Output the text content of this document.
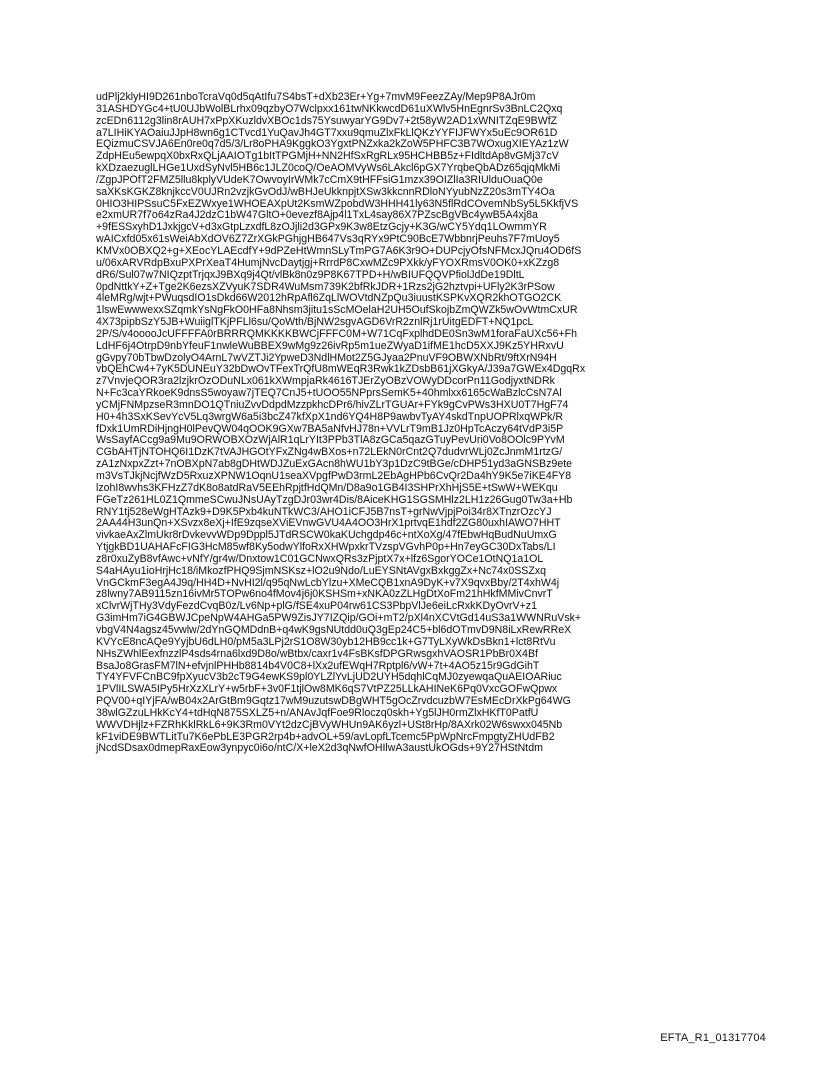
udPlj2klyHI9D261nboTcraVq0d5qAtIfu7S4bsT+dXb23Er+Yg+7mvM9FeezZAy/Mep9P8AJr0m
31ASHDYGc4+tU0UJbWolBLrhx09qzbyO7Wclpxx161twNKkwcdD61uXWlv5HnEgnrSv3BnLC2Qxq
zcEDn6112g3lin8rAUH7xPpXKuzldvXBOc1ds75YsuwyarYG9Dv7+2t58yW2AD1xWNITZqE9BWfZ
a7LIHiKYAOaiuJJpH8wn6g1CTvcd1YuQavJh4GT7xxu9qmuZlxFkLlQKzYYFIJFWYx5uEc9OR61D
EQizmuCSVJA6En0re0q7d5/3/Lr8oPHA9KggkO3YgxtPNZxka2kZoW5PHFC3B7WOxugXIEYAz1zW
ZdpHEu5ewpqX0bxRxQLjAAIOTg1bItTPGMjH+NN2HfSxRgRLx95HCHBB5z+FIdltdAp8vGMj37cV
kXDzaezuglLHGe1UxdSyNvl5HB6c1JLZ0coQ/OeAOMVyWs6LAkcl6pGX7YrqbeQbADz65qjqMkMi
/ZgpJPOfT2FMZ5llu8kplyVUdeK7OwvoyIrWMk7cCmX9tHFFsiG1mzx39OIZlIa3RIUlduOuaQ0e
saXKsKGKZ8knjkccV0UJRn2vzjkGvOdJ/wBHJeUkknpjtXSw3kkcnnRDloNYyubNzZ20s3mTY4Oa
0HIO3HIPSsuC5FxEZWxye1WHOEAXpUt2KsmWZpobdW3HHH41ly63N5flRdCOvemNbSy5L5KkfjVS
e2xmUR7f7o64zRa4J2dzC1bW47GltO+0evezf8Ajp4l1TxL4say86X7PZscBgVBc4ywB5A4xj8a
+9fESSxyhD1JxkjgcV+d3xGtpLzxdfL8zOJjli2d3GPx9K3w8EtzGcjy+K3G/wCY5Ydq1LOwmmYR
wAICxfd05x61sWeiAbXdOV6Z7ZrXGkPGhjgHB647Vs3qRYx9PtC90BcE7WbbnrjPeuhs7F7mUoy5
KMVx0OBXQ2+g+XEocYLAEcdfY+9dPZeHtWmnSLyTmPG7A6K3r9O+DUPcjyOfsNFMcxJQru4OD6fS
u/06xARVRdpBxuPXPrXeaT4HumjNvcDaytjgj+RrrdP8CxwMZc9PXkk/yFYOXRmsV0OK0+xKZzg8
dR6/Sul07w7NIQzptTrjqxJ9BXq9j4Qt/vlBk8n0z9P8K67TPD+H/wBIUFQQVPfiolJdDe19DltL
0pdNttkY+Z+Tge2K6ezsXZVyuK7SDR4WuMsm739K2bfRkJDR+1Rzs2jG2hztvpi+UFly2K3rPSow
4leMRg/wjt+PWuqsdIO1sDkd66W2012hRpAfl6ZqLlWOVtdNZpQu3iuustKSPKvXQR2khOTGO2CK
1lswEwwwexxSZqmkYsNgFkO0HFa8Nhsm3jitu1sScMOelaH2UH5OufSkojbZmQWZk5wOvWtmCxUR
4X73pipbSzY5JB+WuiiglTKjPFLl6su/QoWth/BjNW2sgvAGD6VrR2znlRj1rUitgEDFT+NQ1pcL
2P/S/v4ooooJcUFFFFA0rBRRRQMKKKKBWCjFFFC0M+W71CqFxplhdDE0Sn3wM1foraFaUXc56+Fh
LdHF6j4OtrpD9nbYfeuF1nwleWuBBEX9wMg9z26ivRp5m1ueZWyaD1ifME1hcD5XXJ9Kz5YHRxvU
gGvpy70bTbwDzolyO4ArnL7wVZTJi2YpweD3NdlHMot2Z5GJyaa2PnuVF9OBWXNbRt/9ftXrN94H
vbQEhCw4+7yK5DUNEuY32bDwOvTFexTrQfU8mWEqR3Rwk1kZDsbB61jXGkyA/J39a7GWEx4DgqRx
z7VnvjeQOR3ra2lzjkrOzODuNLx061kXWmpjaRk4616TJErZyOBzVOWyDDcorPn11GodjyxtNDRk
N+Fc3caYRkoeK9dnsS5woyaw7jTEQ7CnJ5+tUOO55NPprsSemK5+40hmlxx6165cWaBzlcCsN7Al
yCMjFNMpzseR3mnDO1QTniuZvvDdpdMzzpkhcDPr6/hivZLrTGUAr+FYk9gCvPWs3HXU0T7HgF74
H0+4h3SxKSevYcV5Lq3wrgW6a5i3bcZ47kfXpX1nd6YQ4H8P9awbvTyAY4skdTnpUOPRlxqWPk/R
fDxk1UmRDiHjngH0lPevQW04qOOK9GXw7BA5aNfvHJ78n+VVLrT9mB1Jz0HpTcAczy64tVdP3i5P
WsSayfACcg9a9Mu9ORWOBXOzWjAlR1qLrYIt3PPb3TlA8zGCa5qazGTuyPevUri0Vo8OOlc9PYvM
CGbAHTjNTOHQ6I1DzK7tVAJHGOtYFxZNg4wBXos+n72LEkN0rCnt2Q7dudvrWLj0ZcJnmM1rtzG/
zA1zNxpxZzt+7nOBXpN7ab8gDHtWDJZuExGAcn8hWU1bY3p1DzC9tBGe/cDHP51yd3aGNSBz9ete
m3VsTJkjNcjfWzD5RxuzXPNW1OqnU1seaXVpgfPwD3rmL2EbAgHPb6CvQr2Da4hY9K5e7iKE4FY8
lzohI8wvhs3KFHzZ7dK8o8atdRaV5EEhRpjtfHdQMn/D8a9o1GB4I3SHPrXhHjS5E+tSwW+WEKqu
FGeTz261HL0Z1QmmeSCwuJNsUAyTzgDJr03wr4Dis/8AiceKHG1SGSMHlz2LH1z26Gug0Tw3a+Hb
RNY1tj528eWgHTAzk9+D9K5Pxb4kuNTkWC3/AHO1iCFJ5B7nsT+grNwVjpjPoi34r8XTnzrOzcYJ
2AA44H3unQn+XSvzx8eXj+IfE9zqseXViEVnwGVU4A4OO3HrX1prtvqE1hdf2ZG80uxhIAWO7HHT
vivkaeAxZlmUkr8rDvkevvWDp9Dppl5JTdRSCW0kaKUchgdp46c+ntXoXg/47fEbwHqBudNuUmxG
YtjgkBD1UAHAFcFIG3HcM85wf8Ky5odwYlfoRxXHWpxkrTVzspVGvhP0p+Hn7eyGC30DxTabs/LI
z8r0xuZyB8vfAwc+vNfY/gr4w/Dnxtow1C01GCNwxQRs3zPjptX7x+lfz6SgorYOCe1OtNQ1a1OL
S4aHAyu1ioHrjHc18/iMkozfPHQ9SjmNSKsz+lO2u9Ndo/LuEYSNtAVgxBxkggZx+Nc74x0SSZxq
VnGCkmF3egA4J9q/HH4D+NvHI2l/q95qNwLcbYlzu+XMeCQB1xnA9DyK+v7X9qvxBby/2T4xhW4j
z8lwny7AB9115zn16ivMr5TOPw6no4fMov4j6j0KSHSm+xNKA0zZLHgDtXoFm21hHkfMMivCnvrT
xClvrWjTHy3VdyFezdCvqB0z/Lv6Np+plG/fSE4xuP04rw61CS3PbpVlJe6eiLcRxkKDyOvrV+z1
G3imHm7iG4GBWJCpeNpW4AHGa5PW9ZisJY7IZQip/GOi+mT2/pXl4nXCVtGd14uS3a1WWNRuVsk+
vbgV4N4agsz45vwlw/2dYnGQMDdnB+q4wK9gsNUtdd0uQ3gEp24C5+bl6dOTmvD9N8iLxRewRReX
KVYcE8ncAQe9YyjbU6dLH0/pM5a3LPj2rS1O8W30yb12HB9cc1k+G7TyLXyWkDsBkn1+lct8RtVu
NHsZWhlEexfnzzlP4sds4rna6lxd9D8o/wBtbx/caxr1v4FsBKsfDPGRwsgxhVAOSR1PbBr0X4Bf
BsaJo8GrasFM7lN+efvjnlPHHb8814b4V0C8+lXx2ufEWqH7Rptpl6/vW+7t+4AO5z15r9GdGihT
TY4YFVFCnBC9fpXyucV3b2cT9G4ewKS9pl0YLZlYvLjUD2UYH5dqhlCqMJ0zyewqaQuAEIOARiuc
1PVlILSWA5IPy5HrXzXLrY+w5rbF+3v0F1tjlOw8MK6qS7VtPZ25LLkAHINeK6Pq0VxcGOFwQpwx
PQV00+qIYjFA/wB04x2ArGtBm9Gqtz17wM9uzutswDBgWHT5gOcZrvdcuzbW7EsMEcDrXkPg64WG
38wlGZzuLHkKcY4+tdHqN875SXLZ5+n/ANAvJqfFoe9Rloczq0skh+Yg5lJH0rmZlxHKfT0PatfU
WWVDHjlz+FZRhKklRkL6+9K3Rm0VYt2dzCjBVyWHUn9AK6yzl+USt8rHp/8AXrk02W6swxx045Nb
kF1viDE9BWTLitTu7K6ePbLE3PGR2rp4b+advOL+59/avLopfLTcemc5PpWpNrcFmpgtyZHUdFB2
jNcdSDsax0dmepRaxEow3ynpyc0i6o/ntC/X+leX2d3qNwfOHIlwA3austUkOGds+9Y27HStNtdm
EFTA_R1_01317704
